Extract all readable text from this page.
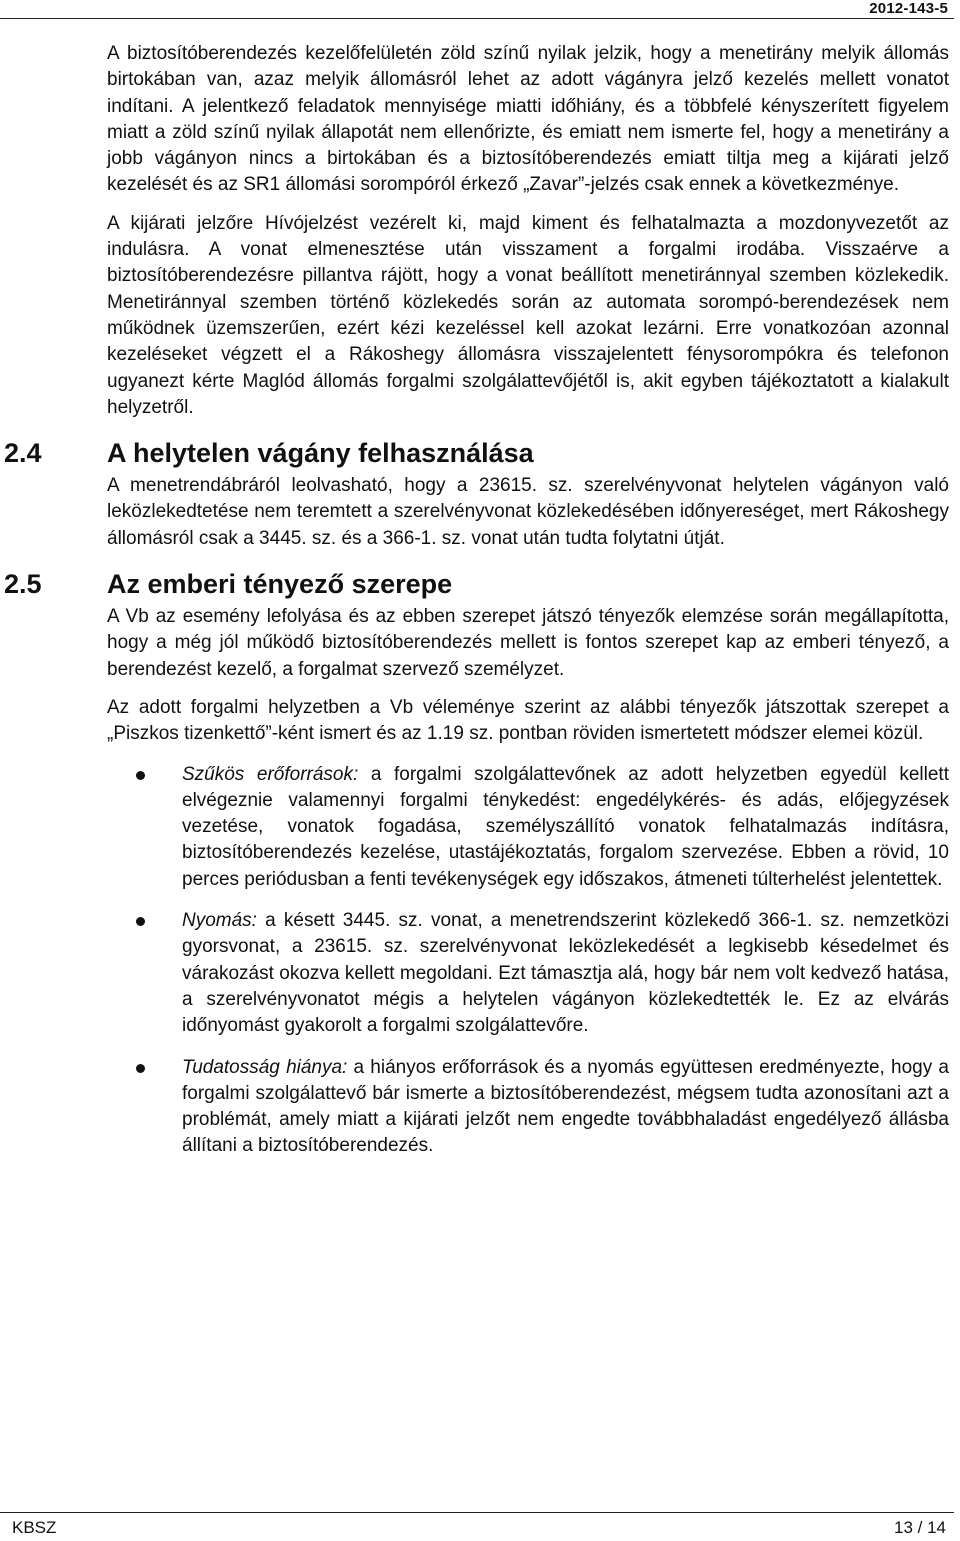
2012-143-5

A biztosítóberendezés kezelőfelületén zöld színű nyilak jelzik, hogy a menetirány melyik állomás birtokában van, azaz melyik állomásról lehet az adott vágányra jelző kezelés mellett vonatot indítani. A jelentkező feladatok mennyisége miatti időhiány, és a többfelé kényszerített figyelem miatt a zöld színű nyilak állapotát nem ellenőrizte, és emiatt nem ismerte fel, hogy a menetirány a jobb vágányon nincs a birtokában és a biztosítóberendezés emiatt tiltja meg a kijárati jelző kezelését és az SR1 állomási sorompóról érkező „Zavar”-jelzés csak ennek a következménye.

A kijárati jelzőre Hívójelzést vezérelt ki, majd kiment és felhatalmazta a mozdonyvezetőt az indulásra. A vonat elmenesztése után visszament a forgalmi irodába. Visszaérve a biztosítóberendezésre pillantva rájött, hogy a vonat beállított menetiránnyal szemben közlekedik. Menetiránnyal szemben történő közlekedés során az automata sorompó-berendezések nem működnek üzemszerűen, ezért kézi kezeléssel kell azokat lezárni. Erre vonatkozóan azonnal kezeléseket végzett el a Rákoshegy állomásra visszajelentett fénysorompókra és telefonon ugyanezt kérte Maglód állomás forgalmi szolgálattevőjétől is, akit egyben tájékoztatott a kialakult helyzetről.

2.4 A helytelen vágány felhasználása

A menetrendábráról leolvasható, hogy a 23615. sz. szerelvényvonat helytelen vágányon való leközlekedtetése nem teremtett a szerelvényvonat közlekedésében időnyereséget, mert Rákoshegy állomásról csak a 3445. sz. és a 366-1. sz. vonat után tudta folytatni útját.

2.5 Az emberi tényező szerepe

A Vb az esemény lefolyása és az ebben szerepet játszó tényezők elemzése során megállapította, hogy a még jól működő biztosítóberendezés mellett is fontos szerepet kap az emberi tényező, a berendezést kezelő, a forgalmat szervező személyzet.

Az adott forgalmi helyzetben a Vb véleménye szerint az alábbi tényezők játszottak szerepet a „Piszkos tizenkettő”-ként ismert és az 1.19 sz. pontban röviden ismertetett módszer elemei közül.

Szűkös erőforrások: a forgalmi szolgálattevőnek az adott helyzetben egyedül kellett elvégeznie valamennyi forgalmi ténykedést: engedélykérés- és adás, előjegyzések vezetése, vonatok fogadása, személyszállító vonatok felhatalmazás indításra, biztosítóberendezés kezelése, utastájékoztatás, forgalom szervezése. Ebben a rövid, 10 perces periódusban a fenti tevékenységek egy időszakos, átmeneti túlterhelést jelentettek.
Nyomás: a késett 3445. sz. vonat, a menetrendszerint közlekedő 366-1. sz. nemzetközi gyorsvonat, a 23615. sz. szerelvényvonat leközlekedését a legkisebb késedelmet és várakozást okozva kellett megoldani. Ezt támasztja alá, hogy bár nem volt kedvező hatása, a szerelvényvonatot mégis a helytelen vágányon közlekedtették le. Ez az elvárás időnyomást gyakorolt a forgalmi szolgálattevőre.
Tudatosság hiánya: a hiányos erőforrások és a nyomás együttesen eredményezte, hogy a forgalmi szolgálattevő bár ismerte a biztosítóberendezést, mégsem tudta azonosítani azt a problémát, amely miatt a kijárati jelzőt nem engedte továbbhaladást engedélyező állásba állítani a biztosítóberendezés.
KBSZ	13 / 14
